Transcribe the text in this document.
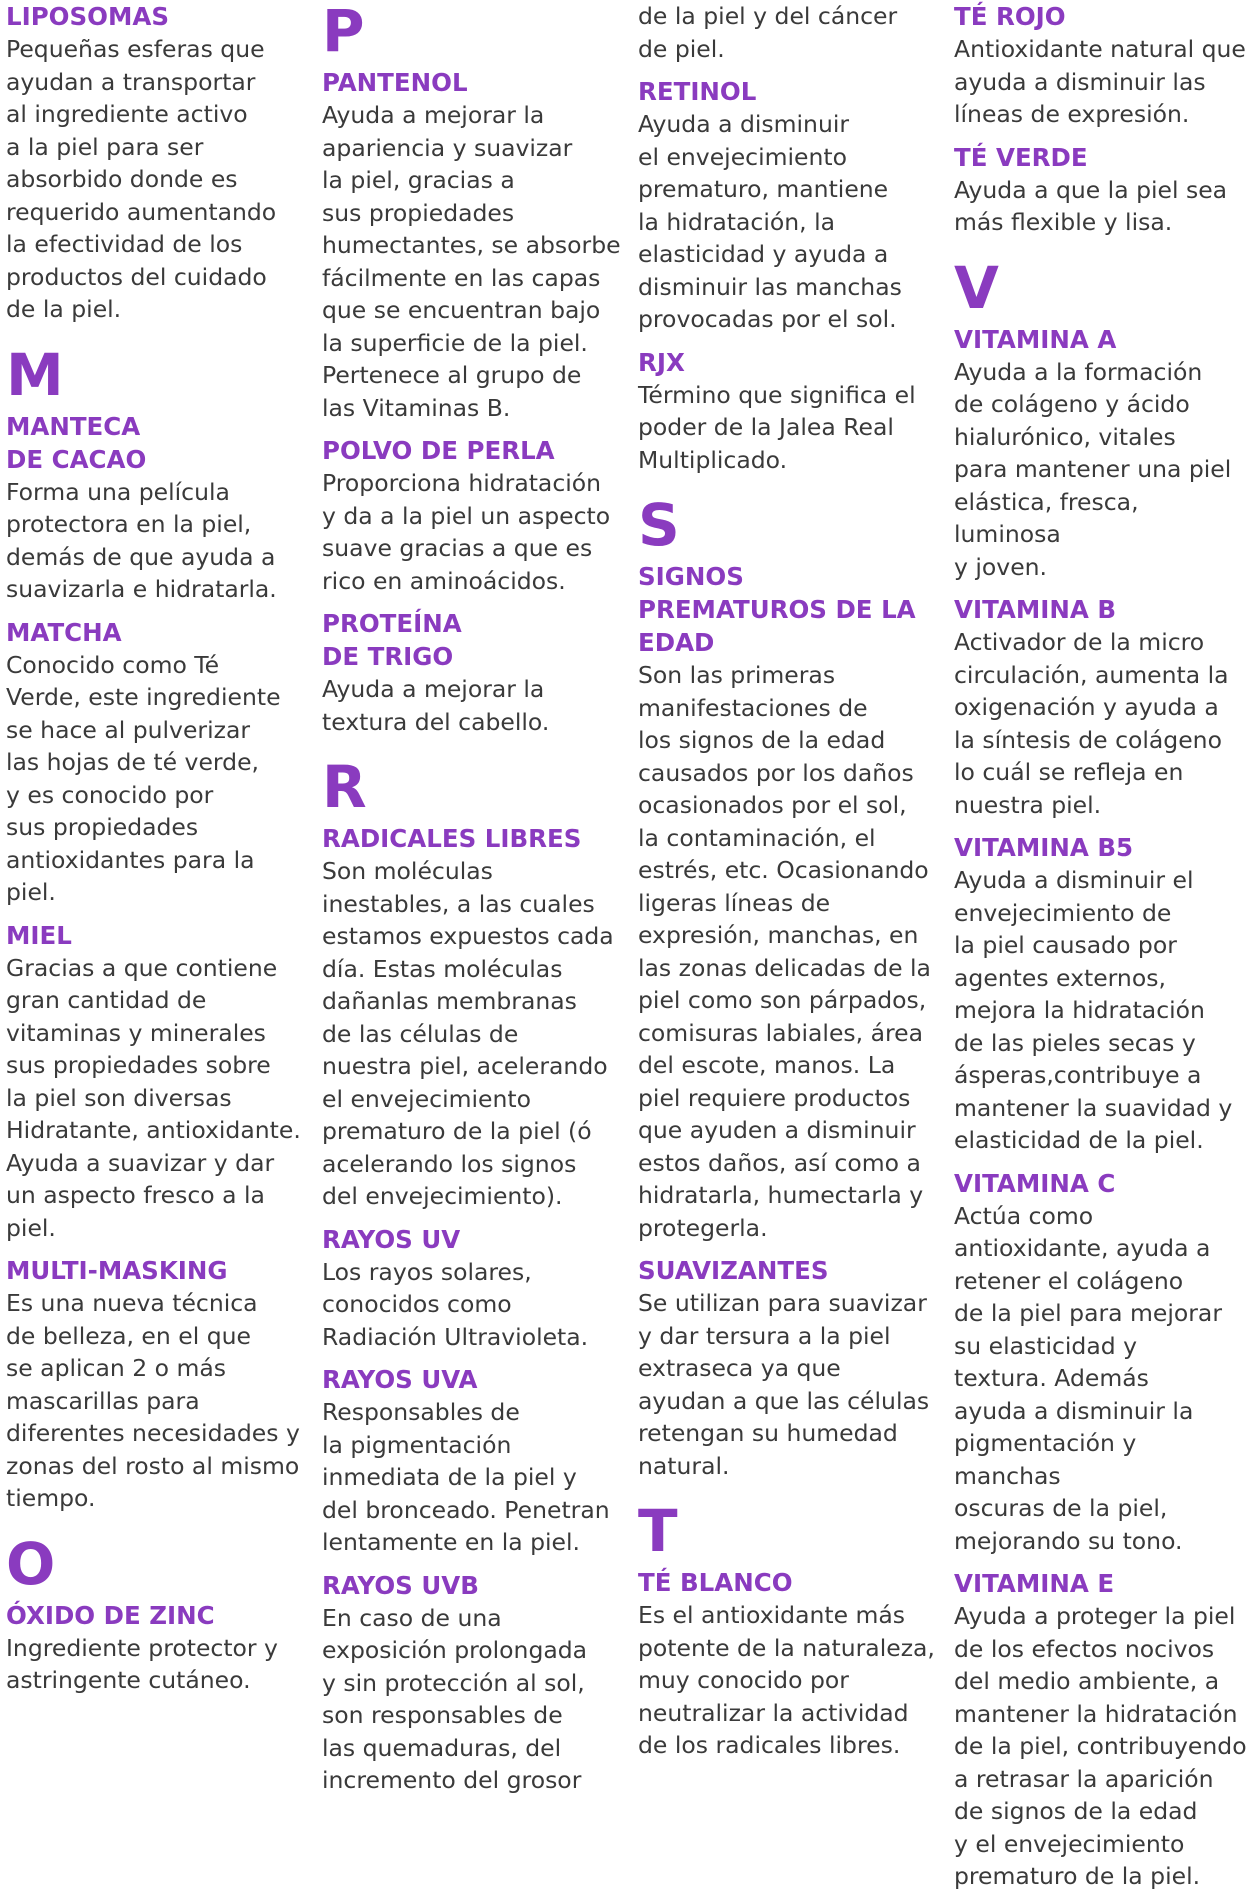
LIPOSOMAS
Pequeñas esferas que
ayudan a transportar
al ingrediente activo
a la piel para ser
absorbido donde es
requerido aumentando
la efectividad de los
productos del cuidado
de la piel.
M
MANTECA
DE CACAO
Forma una película
protectora en la piel,
demás de que ayuda a
suavizarla e hidratarla.
MATCHA
Conocido como Té
Verde, este ingrediente
se hace al pulverizar
las hojas de té verde,
y es conocido por
sus propiedades
antioxidantes para la
piel.
MIEL
Gracias a que contiene
gran cantidad de
vitaminas y minerales
sus propiedades sobre
la piel son diversas
Hidratante, antioxidante.
Ayuda a suavizar y dar
un aspecto fresco a la
piel.
MULTI-MASKING
Es una nueva técnica
de belleza, en el que
se aplican 2 o más
mascarillas para
diferentes necesidades y
zonas del rosto al mismo
tiempo.
O
ÓXIDO DE ZINC
Ingrediente protector y
astringente cutáneo.
P
PANTENOL
Ayuda a mejorar la
apariencia y suavizar
la piel, gracias a
sus propiedades
humectantes, se absorbe
fácilmente en las capas
que se encuentran bajo
la superficie de la piel.
Pertenece al grupo de
las Vitaminas B.
POLVO DE PERLA
Proporciona hidratación
y da a la piel un aspecto
suave gracias a que es
rico en aminoácidos.
PROTEÍNA
DE TRIGO
Ayuda a mejorar la
textura del cabello.
R
RADICALES LIBRES
Son moléculas
inestables, a las cuales
estamos expuestos cada
día. Estas moléculas
dañanlas membranas
de las células de
nuestra piel, acelerando
el envejecimiento
prematuro de la piel (ó
acelerando los signos
del envejecimiento).
RAYOS UV
Los rayos solares,
conocidos como
Radiación Ultravioleta.
RAYOS UVA
Responsables de
la pigmentación
inmediata de la piel y
del bronceado. Penetran
lentamente en la piel.
RAYOS UVB
En caso de una
exposición prolongada
y sin protección al sol,
son responsables de
las quemaduras, del
incremento del grosor
de la piel y del cáncer
de piel.
RETINOL
Ayuda a disminuir
el envejecimiento
prematuro, mantiene
la hidratación, la
elasticidad y ayuda a
disminuir las manchas
provocadas por el sol.
RJX
Término que significa el
poder de la Jalea Real
Multiplicado.
S
SIGNOS
PREMATUROS DE LA
EDAD
Son las primeras
manifestaciones de
los signos de la edad
causados por los daños
ocasionados por el sol,
la contaminación, el
estrés, etc. Ocasionando
ligeras líneas de
expresión, manchas, en
las zonas delicadas de la
piel como son párpados,
comisuras labiales, área
del escote, manos. La
piel requiere productos
que ayuden a disminuir
estos daños, así como a
hidratarla, humectarla y
protegerla.
SUAVIZANTES
Se utilizan para suavizar
y dar tersura a la piel
extraseca ya que
ayudan a que las células
retengan su humedad
natural.
T
TÉ BLANCO
Es el antioxidante más
potente de la naturaleza,
muy conocido por
neutralizar la actividad
de los radicales libres.
TÉ ROJO
Antioxidante natural que
ayuda a disminuir las
líneas de expresión.
TÉ VERDE
Ayuda a que la piel sea
más flexible y lisa.
V
VITAMINA A
Ayuda a la formación
de colágeno y ácido
hialurónico, vitales
para mantener una piel
elástica, fresca, luminosa
y joven.
VITAMINA B
Activador de la micro
circulación, aumenta la
oxigenación y ayuda a
la síntesis de colágeno
lo cuál se refleja en
nuestra piel.
VITAMINA B5
Ayuda a disminuir el
envejecimiento de
la piel causado por
agentes externos,
mejora la hidratación
de las pieles secas y
ásperas,contribuye a
mantener la suavidad y
elasticidad de la piel.
VITAMINA C
Actúa como
antioxidante, ayuda a
retener el colágeno
de la piel para mejorar
su elasticidad y
textura. Además
ayuda a disminuir la
pigmentación y manchas
oscuras de la piel,
mejorando su tono.
VITAMINA E
Ayuda a proteger la piel
de los efectos nocivos
del medio ambiente, a
mantener la hidratación
de la piel, contribuyendo
a retrasar la aparición
de signos de la edad
y el envejecimiento
prematuro de la piel.
